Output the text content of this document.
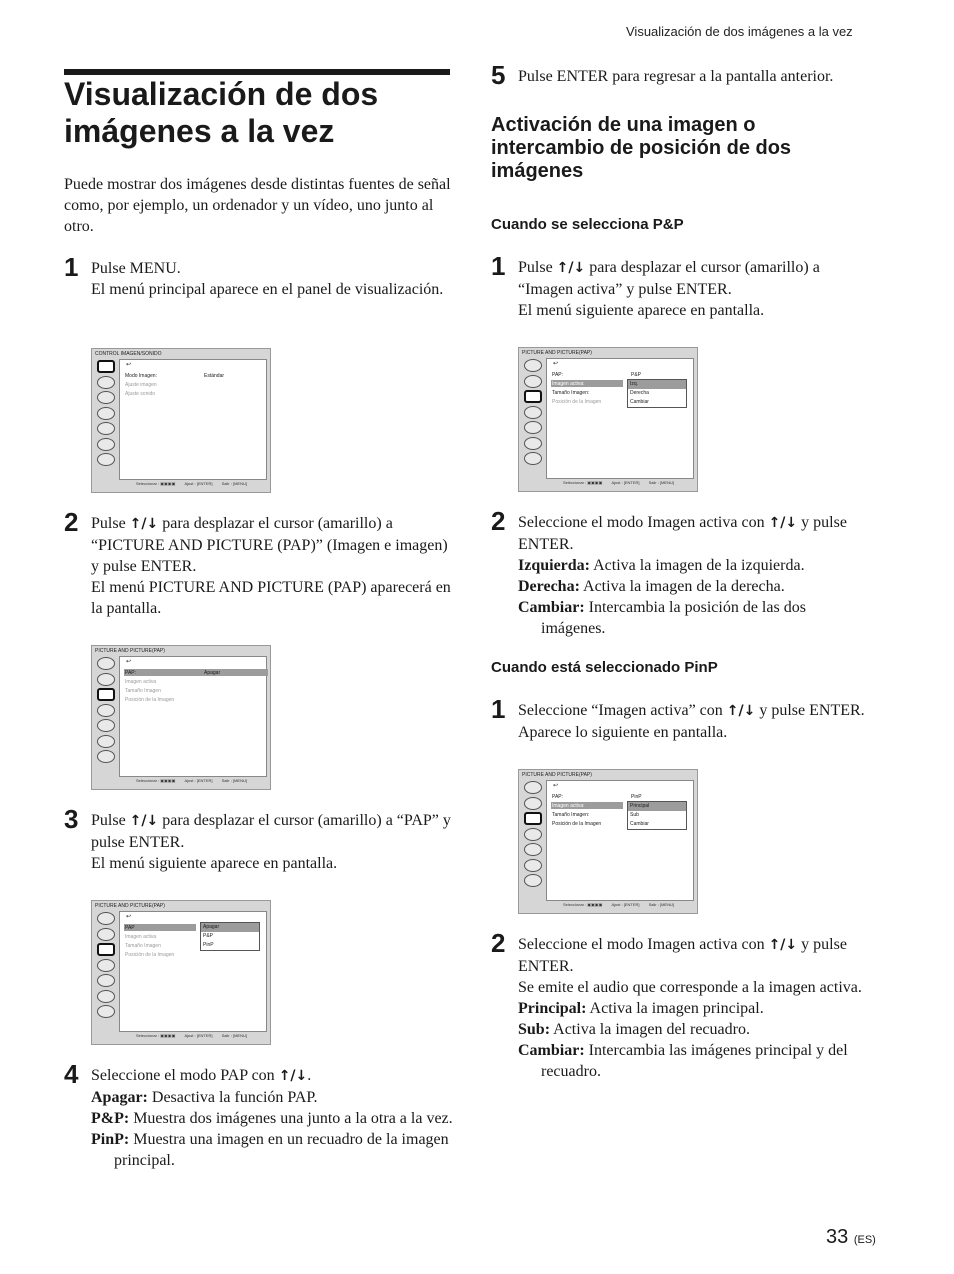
Visualización de dos imágenes a la vez
Visualización de dos imágenes a la vez
Puede mostrar dos imágenes desde distintas fuentes de señal como, por ejemplo, un ordenador y un vídeo, uno junto al otro.
1 Pulse MENU.

El menú principal aparece en el panel de visualización.

CONTROL IMAGEN/SONIDO
↩
Modo Imagen:	Estándar
Ajuste imagen
Ajuste sonido
Seleccionar : ▣▣▣▣ Ajust : [ENTER] Salir : [MENU]
2 Pulse ↑/↓ para desplazar el cursor (amarillo) a “PICTURE AND PICTURE (PAP)” (Imagen e imagen) y pulse ENTER.

El menú PICTURE AND PICTURE (PAP) aparecerá en la pantalla.

PICTURE AND PICTURE(PAP)
↩
PAP:	Apagar
Imagen activa
Tamaño Imagen
Posición de la Imagen
Seleccionar : ▣▣▣▣ Ajust : [ENTER] Salir : [MENU]
3 Pulse ↑/↓ para desplazar el cursor (amarillo) a “PAP” y pulse ENTER.

El menú siguiente aparece en pantalla.

PICTURE AND PICTURE(PAP)
↩
PAP
Imagen activa
Tamaño Imagen
Posición de la Imagen
Apagar
P&P
PinP
Seleccionar : ▣▣▣▣ Ajust : [ENTER] Salir : [MENU]
4 Seleccione el modo PAP con ↑/↓.

Apagar: Desactiva la función PAP.

P&P: Muestra dos imágenes una junto a la otra a la vez.

PinP: Muestra una imagen en un recuadro de la imagen principal.

5 Pulse ENTER para regresar a la pantalla anterior.

Activación de una imagen o intercambio de posición de dos imágenes
Cuando se selecciona P&P
1 Pulse ↑/↓ para desplazar el cursor (amarillo) a “Imagen activa” y pulse ENTER.

El menú siguiente aparece en pantalla.

PICTURE AND PICTURE(PAP)
↩
PAP:	P&P
Imagen activa:
Tamaño Imagen:
Posición de la Imagen
Izq.
Derecha
Cambiar
Seleccionar : ▣▣▣▣ Ajust : [ENTER] Salir : [MENU]
2 Seleccione el modo Imagen activa con ↑/↓ y pulse ENTER.

Izquierda: Activa la imagen de la izquierda.

Derecha: Activa la imagen de la derecha.

Cambiar: Intercambia la posición de las dos imágenes.

Cuando está seleccionado PinP
1 Seleccione “Imagen activa” con ↑/↓ y pulse ENTER. Aparece lo siguiente en pantalla.

PICTURE AND PICTURE(PAP)
↩
PAP:	PinP
Imagen activa:
Tamaño Imagen:
Posición de la Imagen
Principal
Sub
Cambiar
Seleccionar : ▣▣▣▣ Ajust : [ENTER] Salir : [MENU]
2 Seleccione el modo Imagen activa con ↑/↓ y pulse ENTER.

Se emite el audio que corresponde a la imagen activa.

Principal: Activa la imagen principal.

Sub: Activa la imagen del recuadro.

Cambiar: Intercambia las imágenes principal y del recuadro.

33 (ES)
